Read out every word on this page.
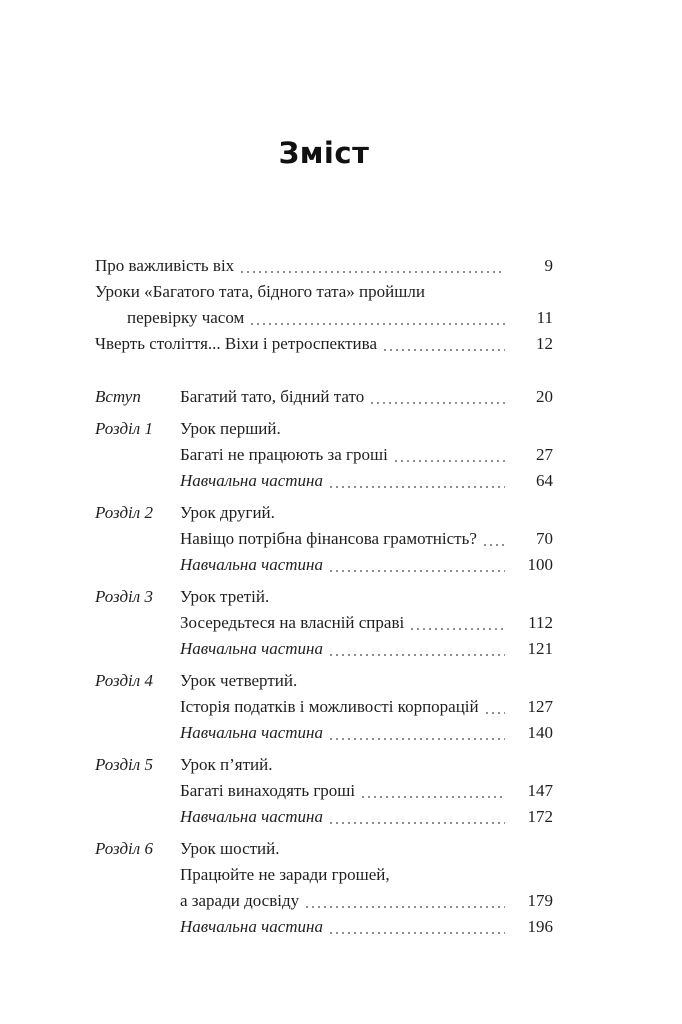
Зміст
Про важливість віх	9
Уроки «Багатого тата, бідного тата» пройшли
перевірку часом	11
Чверть століття... Віхи і ретроспектива	12
Вступ	Багатий тато, бідний тато	20
Розділ 1	Урок перший.
Багаті не працюють за гроші	27
Навчальна частина	64
Розділ 2	Урок другий.
Навіщо потрібна фінансова грамотність?	70
Навчальна частина	100
Розділ 3	Урок третій.
Зосередьтеся на власній справі	112
Навчальна частина	121
Розділ 4	Урок четвертий.
Історія податків і можливості корпорацій	127
Навчальна частина	140
Розділ 5	Урок п’ятий.
Багаті винаходять гроші	147
Навчальна частина	172
Розділ 6	Урок шостий.
Працюйте не заради грошей,
а заради досвіду	179
Навчальна частина	196
